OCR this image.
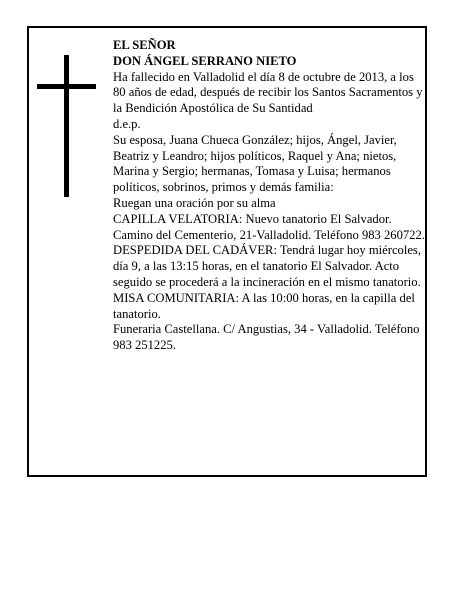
EL SEÑOR

DON ÁNGEL SERRANO NIETO

Ha fallecido en Valladolid el día 8 de octubre de 2013, a los 80 años de edad, después de recibir los Santos Sacramentos y la Bendición Apostólica de Su Santidad

d.e.p.

Su esposa, Juana Chueca González; hijos, Ángel, Javier, Beatriz y Leandro; hijos políticos, Raquel y Ana; nietos, Marina y Sergio; hermanas, Tomasa y Luisa; hermanos políticos, sobrinos, primos y demás familia:

Ruegan una oración por su alma

CAPILLA VELATORIA: Nuevo tanatorio El Salvador. Camino del Cementerio, 21-Valladolid. Teléfono 983 260722.

DESPEDIDA DEL CADÁVER: Tendrá lugar hoy miércoles, día 9, a las 13:15 horas, en el tanatorio El Salvador. Acto seguido se procederá a la incineración en el mismo tanatorio.

MISA COMUNITARIA: A las 10:00 horas, en la capilla del tanatorio.

Funeraria Castellana. C/ Angustias, 34 - Valladolid. Teléfono 983 251225.
